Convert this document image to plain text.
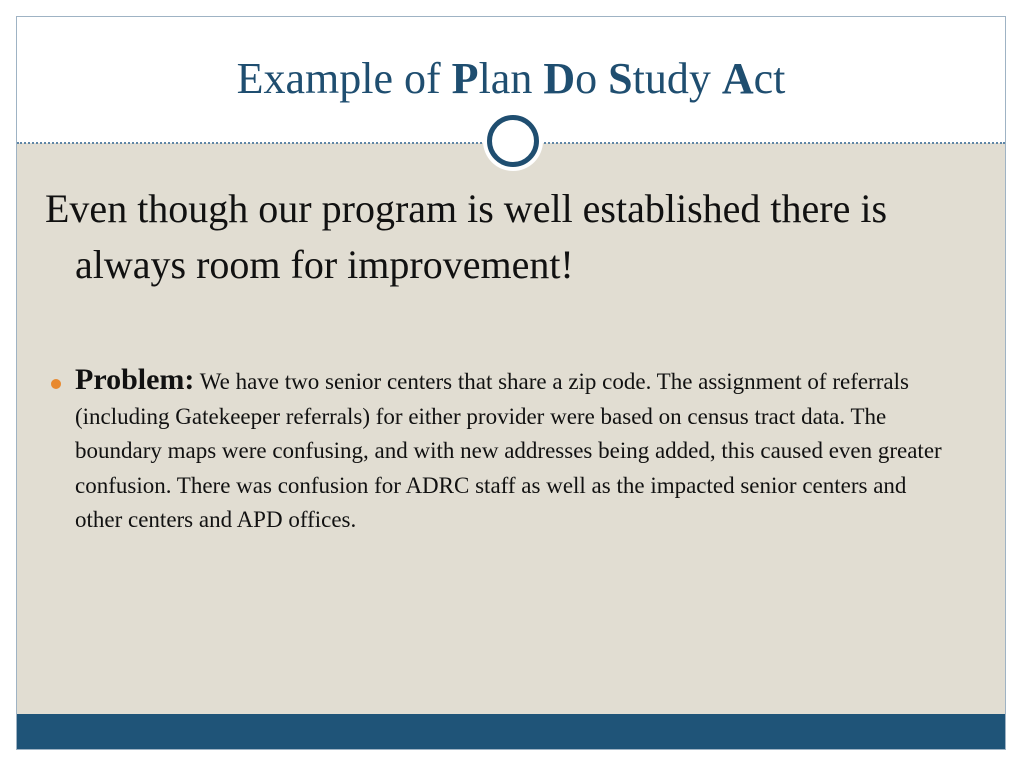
Example of Plan Do Study Act
Even though our program is well established there is always room for improvement!
Problem: We have two senior centers that share a zip code. The assignment of referrals (including Gatekeeper referrals) for either provider were based on census tract data. The boundary maps were confusing, and with new addresses being added, this caused even greater confusion. There was confusion for ADRC staff as well as the impacted senior centers and other centers and APD offices.
